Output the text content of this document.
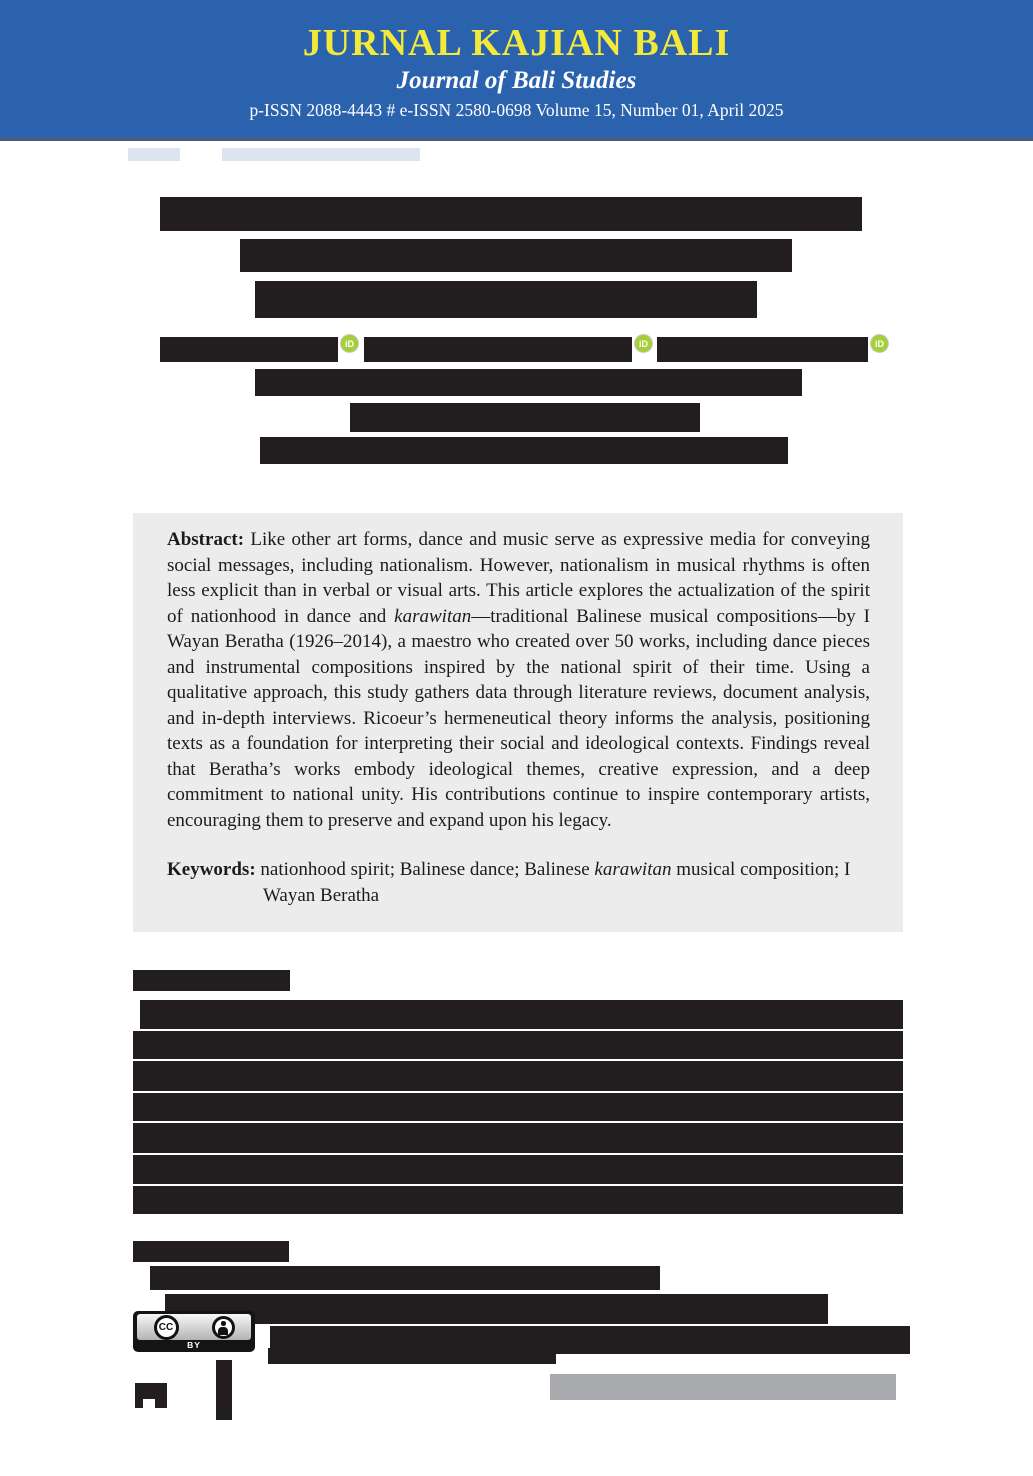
JURNAL KAJIAN BALI
Journal of Bali Studies
p-ISSN 2088-4443 # e-ISSN 2580-0698 Volume 15, Number 01, April 2025
iD	iD	iD

Abstract: Like other art forms, dance and music serve as expressive media for conveying social messages, including nationalism. However, nationalism in musical rhythms is often less explicit than in verbal or visual arts. This article explores the actualization of the spirit of nationhood in dance and karawitan—traditional Balinese musical compositions—by I Wayan Beratha (1926–2014), a maestro who created over 50 works, including dance pieces and instrumental compositions inspired by the national spirit of their time. Using a qualitative approach, this study gathers data through literature reviews, document analysis, and in-depth interviews. Ricoeur’s hermeneutical theory informs the analysis, positioning texts as a foundation for interpreting their social and ideological contexts. Findings reveal that Beratha’s works embody ideological themes, creative expression, and a deep commitment to national unity. His contributions continue to inspire contemporary artists, encouraging them to preserve and expand upon his legacy.

Keywords: nationhood spirit; Balinese dance; Balinese karawitan musical composition; I Wayan Beratha

CC
BY
